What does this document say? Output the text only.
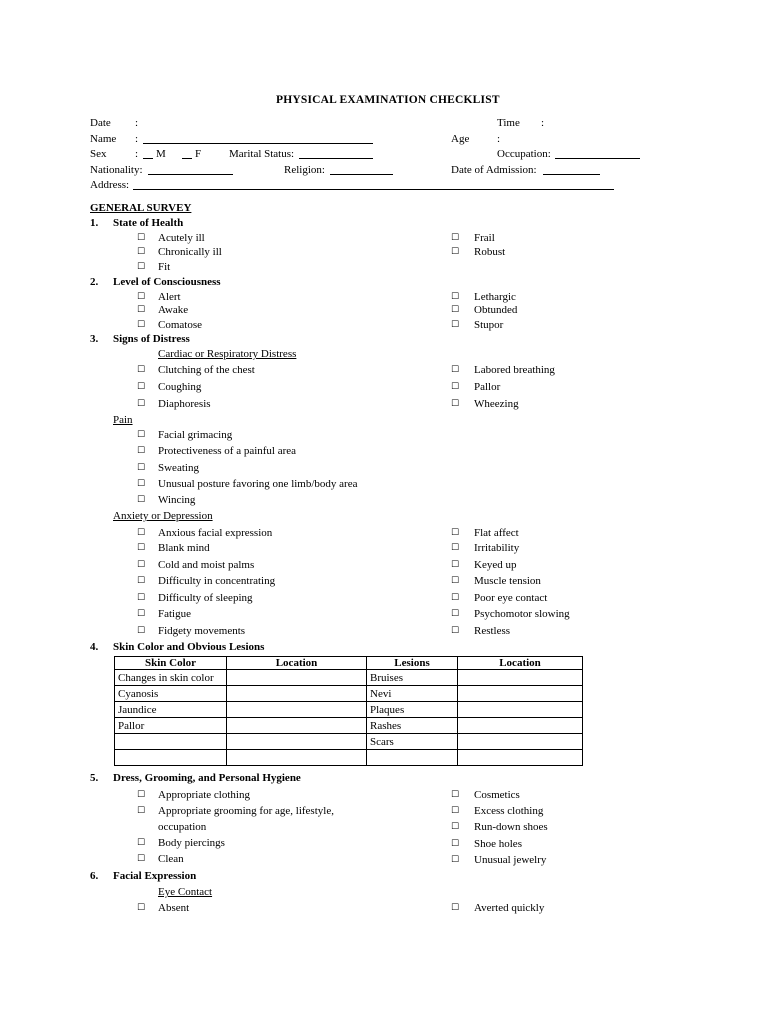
PHYSICAL EXAMINATION CHECKLIST
Date :	Time :
Name :	Age	:
Sex	: M	F	Marital Status:	Occupation:
Nationality:	Religion:	Date of Admission:
Address:
GENERAL SURVEY
1. State of Health
☐ Acutely ill
☐ Chronically ill
☐ Fit
☐ Frail
☐ Robust
2. Level of Consciousness
☐ Alert
☐ Awake
☐ Comatose
☐ Lethargic
☐ Obtunded
☐ Stupor
3. Signs of Distress
Cardiac or Respiratory Distress
☐ Clutching of the chest
☐ Coughing
☐ Diaphoresis
☐ Labored breathing
☐ Pallor
☐ Wheezing
Pain
☐ Facial grimacing
☐ Protectiveness of a painful area
☐ Sweating
☐ Unusual posture favoring one limb/body area
☐ Wincing
Anxiety or Depression
☐ Anxious facial expression
☐ Blank mind
☐ Cold and moist palms
☐ Difficulty in concentrating
☐ Difficulty of sleeping
☐ Fatigue
☐ Fidgety movements
☐ Flat affect
☐ Irritability
☐ Keyed up
☐ Muscle tension
☐ Poor eye contact
☐ Psychomotor slowing
☐ Restless
4. Skin Color and Obvious Lesions
Skin Color	Location	Lesions	Location
Changes in skin color		Bruises	
Cyanosis		Nevi	
Jaundice		Plaques	
Pallor		Rashes	
		Scars	

5. Dress, Grooming, and Personal Hygiene
☐ Appropriate clothing
☐ Appropriate grooming for age, lifestyle,
occupation
☐ Body piercings
☐ Clean
☐ Cosmetics
☐ Excess clothing
☐ Run-down shoes
☐ Shoe holes
☐ Unusual jewelry
6. Facial Expression
Eye Contact
☐ Absent	☐ Averted quickly
